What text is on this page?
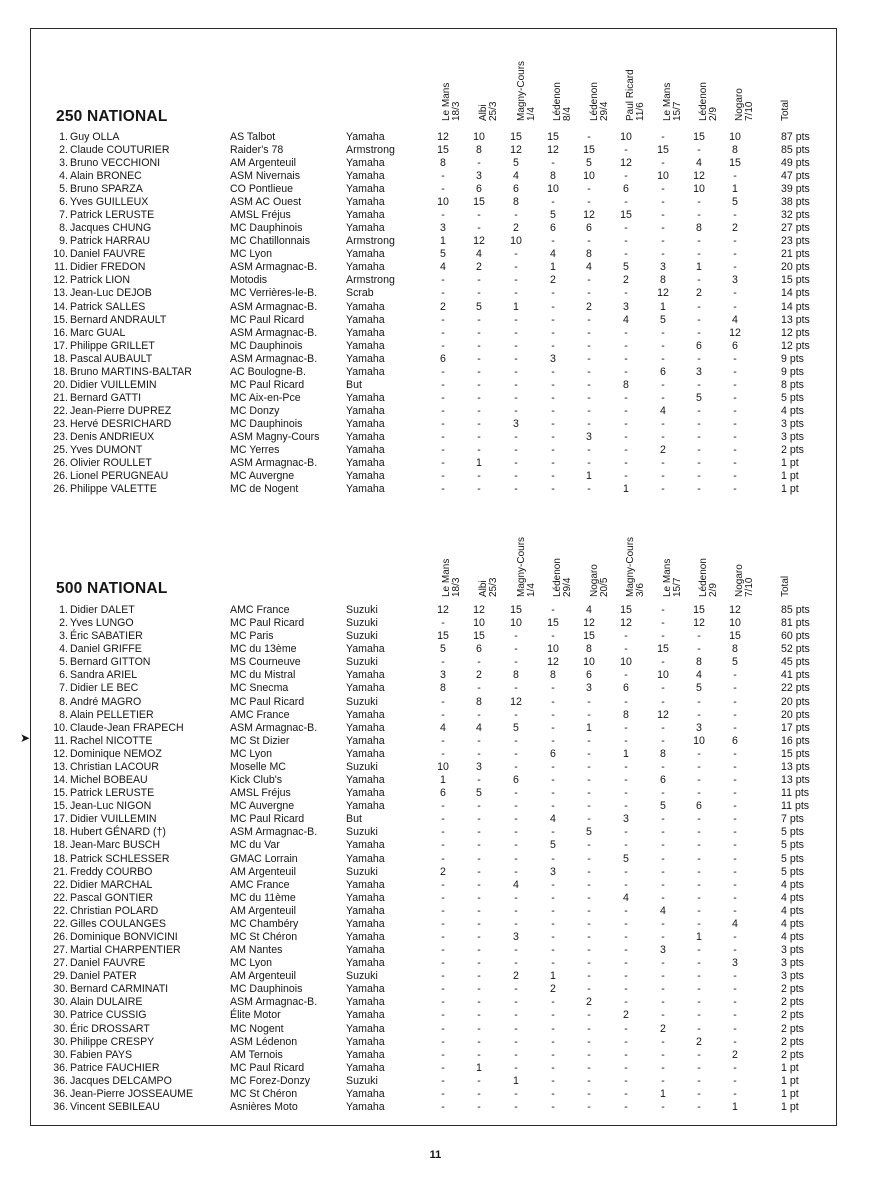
250 NATIONAL
500 NATIONAL
Le Mans 18/3 Albi 25/3 Magny-Cours 1/4 Lédenon 8/4 Lédenon 29/4 Paul Ricard 11/6 Le Mans 15/7 Lédenon 2/9 Nogaro 7/10	Total
Le Mans 18/3 Albi 25/3 Magny-Cours 1/4 Lédenon 29/4 Nogaro 20/5 Magny-Cours 3/6 Le Mans 15/7 Lédenon 2/9 Nogaro 7/10	Total
1. Guy OLLA	AS Talbot	Yamaha	12	10	15	15	-	10	-	15	10	87 pts
2. Claude COUTURIER	Raider's 78	Armstrong	15	8	12	12	15	-	15	-	8	85 pts
3. Bruno VECCHIONI	AM Argenteuil	Yamaha	8	-	5	-	5	12	-	4	15	49 pts
4. Alain BRONEC	ASM Nivernais	Yamaha	-	3	4	8	10	-	10	12	-	47 pts
5. Bruno SPARZA	CO Pontlieue	Yamaha	-	6	6	10	-	6	-	10	1	39 pts
6. Yves GUILLEUX	ASM AC Ouest	Yamaha	10	15	8	-	-	-	-	-	5	38 pts
7. Patrick LERUSTE	AMSL Fréjus	Yamaha	-	-	-	5	12	15	-	-	-	32 pts
8. Jacques CHUNG	MC Dauphinois	Yamaha	3	-	2	6	6	-	-	8	2	27 pts
9. Patrick HARRAU	MC Chatillonnais	Armstrong	1	12	10	-	-	-	-	-	-	23 pts
10. Daniel FAUVRE	MC Lyon	Yamaha	5	4	-	4	8	-	-	-	-	21 pts
11. Didier FREDON	ASM Armagnac-B.	Yamaha	4	2	-	1	4	5	3	1	-	20 pts
12. Patrick LION	Motodis	Armstrong	-	-	-	2	-	2	8	-	3	15 pts
13. Jean-Luc DEJOB	MC Verrières-le-B.	Scrab	-	-	-	-	-	-	12	2	-	14 pts
14. Patrick SALLES	ASM Armagnac-B.	Yamaha	2	5	1	-	2	3	1	-	-	14 pts
15. Bernard ANDRAULT	MC Paul Ricard	Yamaha	-	-	-	-	-	4	5	-	4	13 pts
16. Marc GUAL	ASM Armagnac-B.	Yamaha	-	-	-	-	-	-	-	-	12	12 pts
17. Philippe GRILLET	MC Dauphinois	Yamaha	-	-	-	-	-	-	-	6	6	12 pts
18. Pascal AUBAULT	ASM Armagnac-B.	Yamaha	6	-	-	3	-	-	-	-	-	9 pts
18. Bruno MARTINS-BALTAR	AC Boulogne-B.	Yamaha	-	-	-	-	-	-	6	3	-	9 pts
20. Didier VUILLEMIN	MC Paul Ricard	But	-	-	-	-	-	8	-	-	-	8 pts
21. Bernard GATTI	MC Aix-en-Pce	Yamaha	-	-	-	-	-	-	-	5	-	5 pts
22. Jean-Pierre DUPREZ	MC Donzy	Yamaha	-	-	-	-	-	-	4	-	-	4 pts
23. Hervé DESRICHARD	MC Dauphinois	Yamaha	-	-	3	-	-	-	-	-	-	3 pts
23. Denis ANDRIEUX	ASM Magny-Cours	Yamaha	-	-	-	-	3	-	-	-	-	3 pts
25. Yves DUMONT	MC Yerres	Yamaha	-	-	-	-	-	-	2	-	-	2 pts
26. Olivier ROULLET	ASM Armagnac-B.	Yamaha	-	1	-	-	-	-	-	-	-	1 pt
26. Lionel PERUGNEAU	MC Auvergne	Yamaha	-	-	-	-	1	-	-	-	-	1 pt
26. Philippe VALETTE	MC de Nogent	Yamaha	-	-	-	-	-	1	-	-	-	1 pt
1. Didier DALET	AMC France	Suzuki	12	12	15	-	4	15	-	15	12	85 pts
2. Yves LUNGO	MC Paul Ricard	Suzuki	-	10	10	15	12	12	-	12	10	81 pts
3. Éric SABATIER	MC Paris	Suzuki	15	15	-	-	15	-	-	-	15	60 pts
4. Daniel GRIFFE	MC du 13ème	Yamaha	5	6	-	10	8	-	15	-	8	52 pts
5. Bernard GITTON	MS Courneuve	Suzuki	-	-	-	12	10	10	-	8	5	45 pts
6. Sandra ARIEL	MC du Mistral	Yamaha	3	2	8	8	6	-	10	4	-	41 pts
7. Didier LE BEC	MC Snecma	Yamaha	8	-	-	-	3	6	-	5	-	22 pts
8. André MAGRO	MC Paul Ricard	Suzuki	-	8	12	-	-	-	-	-	-	20 pts
8. Alain PELLETIER	AMC France	Yamaha	-	-	-	-	-	8	12	-	-	20 pts
10. Claude-Jean FRAPECH	ASM Armagnac-B.	Yamaha	4	4	5	-	1	-	-	3	-	17 pts
11. Rachel NICOTTE	MC St Dizier	Yamaha	-	-	-	-	-	-	-	10	6	16 pts
12. Dominique NEMOZ	MC Lyon	Yamaha	-	-	-	6	-	1	8	-	-	15 pts
13. Christian LACOUR	Moselle MC	Suzuki	10	3	-	-	-	-	-	-	-	13 pts
14. Michel BOBEAU	Kick Club's	Yamaha	1	-	6	-	-	-	6	-	-	13 pts
15. Patrick LERUSTE	AMSL Fréjus	Yamaha	6	5	-	-	-	-	-	-	-	11 pts
15. Jean-Luc NIGON	MC Auvergne	Yamaha	-	-	-	-	-	-	5	6	-	11 pts
17. Didier VUILLEMIN	MC Paul Ricard	But	-	-	-	4	-	3	-	-	-	7 pts
18. Hubert GÉNARD (†)	ASM Armagnac-B.	Suzuki	-	-	-	-	5	-	-	-	-	5 pts
18. Jean-Marc BUSCH	MC du Var	Yamaha	-	-	-	5	-	-	-	-	-	5 pts
18. Patrick SCHLESSER	GMAC Lorrain	Yamaha	-	-	-	-	-	5	-	-	-	5 pts
21. Freddy COURBO	AM Argenteuil	Suzuki	2	-	-	3	-	-	-	-	-	5 pts
22. Didier MARCHAL	AMC France	Yamaha	-	-	4	-	-	-	-	-	-	4 pts
22. Pascal GONTIER	MC du 11ème	Yamaha	-	-	-	-	-	4	-	-	-	4 pts
22. Christian POLARD	AM Argenteuil	Yamaha	-	-	-	-	-	-	4	-	-	4 pts
22. Gilles COULANGES	MC Chambéry	Yamaha	-	-	-	-	-	-	-	-	4	4 pts
26. Dominique BONVICINI	MC St Chéron	Yamaha	-	-	3	-	-	-	-	1	-	4 pts
27. Martial CHARPENTIER	AM Nantes	Yamaha	-	-	-	-	-	-	3	-	-	3 pts
27. Daniel FAUVRE	MC Lyon	Yamaha	-	-	-	-	-	-	-	-	3	3 pts
29. Daniel PATER	AM Argenteuil	Suzuki	-	-	2	1	-	-	-	-	-	3 pts
30. Bernard CARMINATI	MC Dauphinois	Yamaha	-	-	-	2	-	-	-	-	-	2 pts
30. Alain DULAIRE	ASM Armagnac-B.	Yamaha	-	-	-	-	2	-	-	-	-	2 pts
30. Patrice CUSSIG	Élite Motor	Yamaha	-	-	-	-	-	2	-	-	-	2 pts
30. Éric DROSSART	MC Nogent	Yamaha	-	-	-	-	-	-	2	-	-	2 pts
30. Philippe CRESPY	ASM Lédenon	Yamaha	-	-	-	-	-	-	-	2	-	2 pts
30. Fabien PAYS	AM Ternois	Yamaha	-	-	-	-	-	-	-	-	2	2 pts
36. Patrice FAUCHIER	MC Paul Ricard	Yamaha	-	1	-	-	-	-	-	-	-	1 pt
36. Jacques DELCAMPO	MC Forez-Donzy	Suzuki	-	-	1	-	-	-	-	-	-	1 pt
36. Jean-Pierre JOSSEAUME	MC St Chéron	Yamaha	-	-	-	-	-	-	1	-	-	1 pt
36. Vincent SEBILEAU	Asnières Moto	Yamaha	-	-	-	-	-	-	-	-	1	1 pt
➤
11
